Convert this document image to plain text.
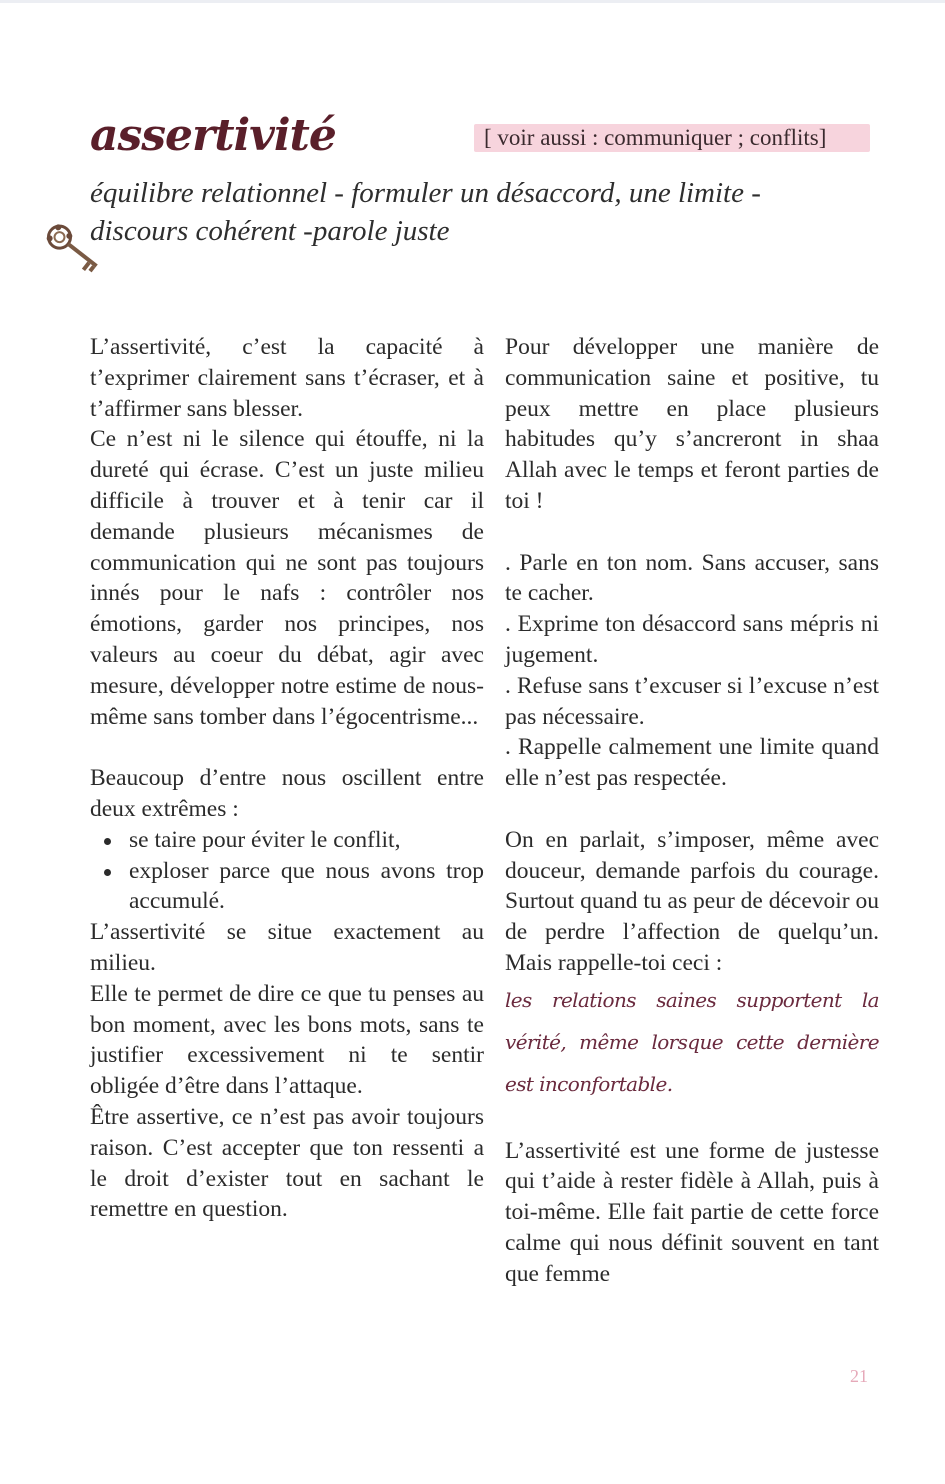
assertivité	[ voir aussi : communiquer ; conflits]
équilibre relationnel - formuler un désaccord, une limite -
discours cohérent -parole juste

L’assertivité, c’est la capacité à t’exprimer clairement sans t’écraser, et à t’affirmer sans blesser.

Ce n’est ni le silence qui étouffe, ni la dureté qui écrase. C’est un juste milieu difficile à trouver et à tenir car il demande plusieurs mécanismes de communication qui ne sont pas toujours innés pour le nafs : contrôler nos émotions, garder nos principes, nos valeurs au coeur du débat, agir avec mesure, développer notre estime de nous-même sans tomber dans l’égocentrisme...

Beaucoup d’entre nous oscillent entre deux extrêmes :

se taire pour éviter le conflit,
exploser parce que nous avons trop accumulé.

L’assertivité se situe exactement au milieu.

Elle te permet de dire ce que tu penses au bon moment, avec les bons mots, sans te justifier excessivement ni te sentir obligée d’être dans l’attaque.

Être assertive, ce n’est pas avoir toujours raison. C’est accepter que ton ressenti a le droit d’exister tout en sachant le remettre en question.

Pour développer une manière de communication saine et positive, tu peux mettre en place plusieurs habitudes qu’y s’ancreront in shaa Allah avec le temps et feront parties de toi !

. Parle en ton nom. Sans accuser, sans te cacher.

. Exprime ton désaccord sans mépris ni jugement.

. Refuse sans t’excuser si l’excuse n’est pas nécessaire.

. Rappelle calmement une limite quand elle n’est pas respectée.

On en parlait, s’imposer, même avec douceur, demande parfois du courage. Surtout quand tu as peur de décevoir ou de perdre l’affection de quelqu’un. Mais rappelle-toi ceci :

les relations saines supportent la vérité, même lorsque cette dernière est inconfortable.

L’assertivité est une forme de justesse qui t’aide à rester fidèle à Allah, puis à toi-même. Elle fait partie de cette force calme qui nous définit souvent en tant que femme

21
